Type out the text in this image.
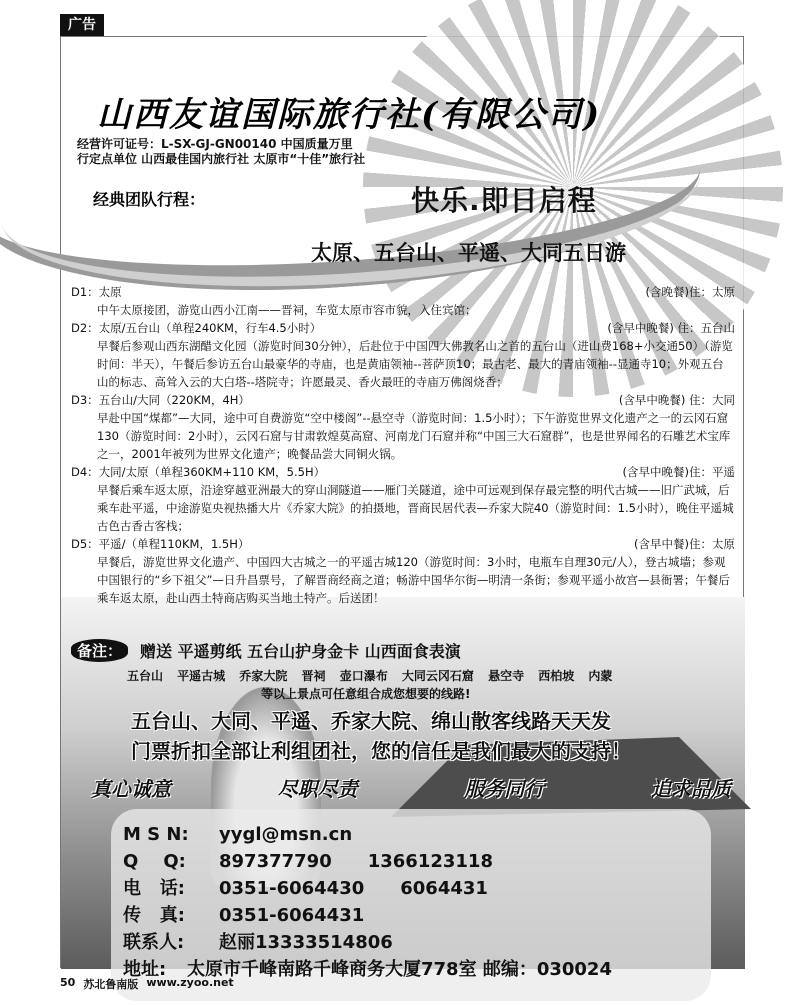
广告
山西友谊国际旅行社(有限公司)
经营许可证号：L-SX-GJ-GN00140 中国质量万里
行定点单位 山西最佳国内旅行社 太原市“十佳”旅行社
经典团队行程：	快乐.即日启程
太原、五台山、平遥、大同五日游
D1：太原	(含晚餐)住：太原
中午太原接团，游览山西小江南——晋祠，车览太原市容市貌，入住宾馆；
D2：太原/五台山（单程240KM，行车4.5小时）	(含早中晚餐) 住：五台山
早餐后参观山西东湖醋文化园（游览时间30分钟），后赴位于中国四大佛教名山之首的五台山（进山费168+小交通50）（游览时间：半天），午餐后参访五台山最豪华的寺庙，也是黄庙领袖--菩萨顶10；最古老、最大的青庙领袖--显通寺10；外观五台山的标志、高耸入云的大白塔--塔院寺；许愿最灵、香火最旺的寺庙万佛阁烧香；
D3：五台山/大同（220KM，4H）	(含早中晚餐) 住：大同
早赴中国“煤都”—大同，途中可自费游览“空中楼阁”--悬空寺（游览时间：1.5小时）；下午游览世界文化遗产之一的云冈石窟130（游览时间：2小时），云冈石窟与甘肃敦煌莫高窟、河南龙门石窟并称“中国三大石窟群”，也是世界闻名的石雕艺术宝库之一，2001年被列为世界文化遗产；晚餐品尝大同铜火锅。
D4：大同/太原（单程360KM+110 KM，5.5H）	(含早中晚餐)住：平遥
早餐后乘车返太原，沿途穿越亚洲最大的穿山洞隧道——雁门关隧道，途中可远观到保存最完整的明代古城——旧广武城，后乘车赴平遥，中途游览央视热播大片《乔家大院》的拍摄地，晋商民居代表—乔家大院40（游览时间：1.5小时），晚住平遥城古色古香古客栈；
D5：平遥/（单程110KM，1.5H）	(含早中餐)住：太原
早餐后，游览世界文化遗产、中国四大古城之一的平遥古城120（游览时间：3小时，电瓶车自理30元/人），登古城墙；参观中国银行的“乡下祖父”—日升昌票号，了解晋商经商之道；畅游中国华尔街—明清一条街；参观平遥小故宫—县衙署；午餐后乘车返太原，赴山西土特商店购买当地土特产。后送团！
备注：	赠送 平遥剪纸 五台山护身金卡 山西面食表演
五台山 平遥古城 乔家大院 晋祠 壶口瀑布 大同云冈石窟 悬空寺 西柏坡 内蒙
等以上景点可任意组合成您想要的线路!
五台山、大同、平遥、乔家大院、绵山散客线路天天发
门票折扣全部让利组团社，您的信任是我们最大的支持！
真心诚意	尽职尽责	服务同行	追求品质
M S N:	yygl@msn.cn
Q    Q:	897377790 1366123118
电   话:	0351-6064430 6064431
传   真:	0351-6064431
联系人:	赵丽13333514806
地址:	太原市千峰南路千峰商务大厦778室 邮编：030024
50 苏北鲁南版 www.zyoo.net
